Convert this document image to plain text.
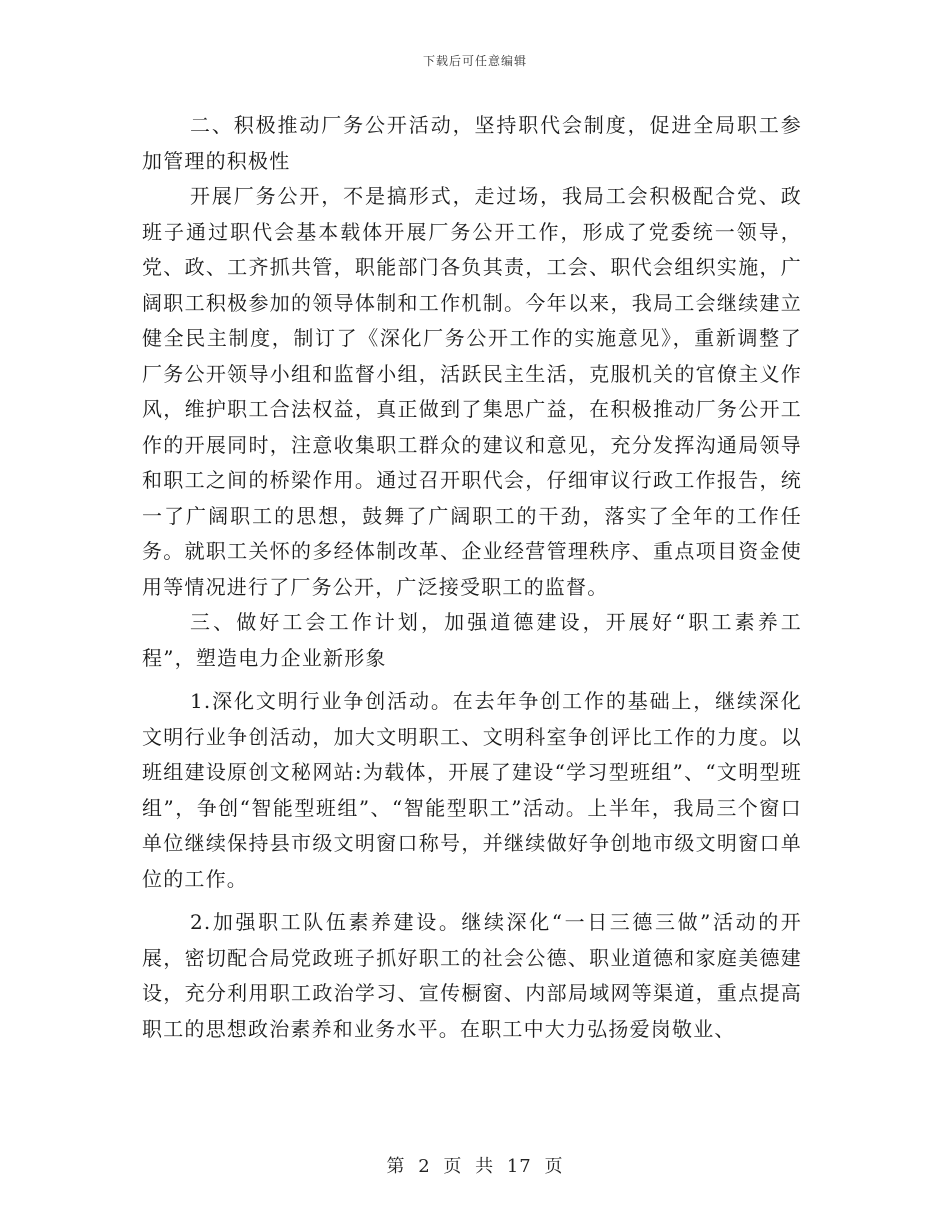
下载后可任意编辑

二、积极推动厂务公开活动，坚持职代会制度，促进全局职工参加管理的积极性

开展厂务公开，不是搞形式，走过场，我局工会积极配合党、政班子通过职代会基本载体开展厂务公开工作，形成了党委统一领导，党、政、工齐抓共管，职能部门各负其责，工会、职代会组织实施，广阔职工积极参加的领导体制和工作机制。今年以来，我局工会继续建立健全民主制度，制订了《深化厂务公开工作的实施意见》，重新调整了厂务公开领导小组和监督小组，活跃民主生活，克服机关的官僚主义作风，维护职工合法权益，真正做到了集思广益，在积极推动厂务公开工作的开展同时，注意收集职工群众的建议和意见，充分发挥沟通局领导和职工之间的桥梁作用。通过召开职代会，仔细审议行政工作报告，统一了广阔职工的思想，鼓舞了广阔职工的干劲，落实了全年的工作任务。就职工关怀的多经体制改革、企业经营管理秩序、重点项目资金使用等情况进行了厂务公开，广泛接受职工的监督。

三、做好工会工作计划，加强道德建设，开展好“职工素养工程”，塑造电力企业新形象

1.深化文明行业争创活动。在去年争创工作的基础上，继续深化文明行业争创活动，加大文明职工、文明科室争创评比工作的力度。以班组建设原创文秘网站:为载体，开展了建设“学习型班组”、“文明型班组”，争创“智能型班组”、“智能型职工”活动。上半年，我局三个窗口单位继续保持县市级文明窗口称号，并继续做好争创地市级文明窗口单位的工作。

2.加强职工队伍素养建设。继续深化“一日三德三做”活动的开展，密切配合局党政班子抓好职工的社会公德、职业道德和家庭美德建设，充分利用职工政治学习、宣传橱窗、内部局域网等渠道，重点提高职工的思想政治素养和业务水平。在职工中大力弘扬爱岗敬业、

第 2 页 共 17 页
